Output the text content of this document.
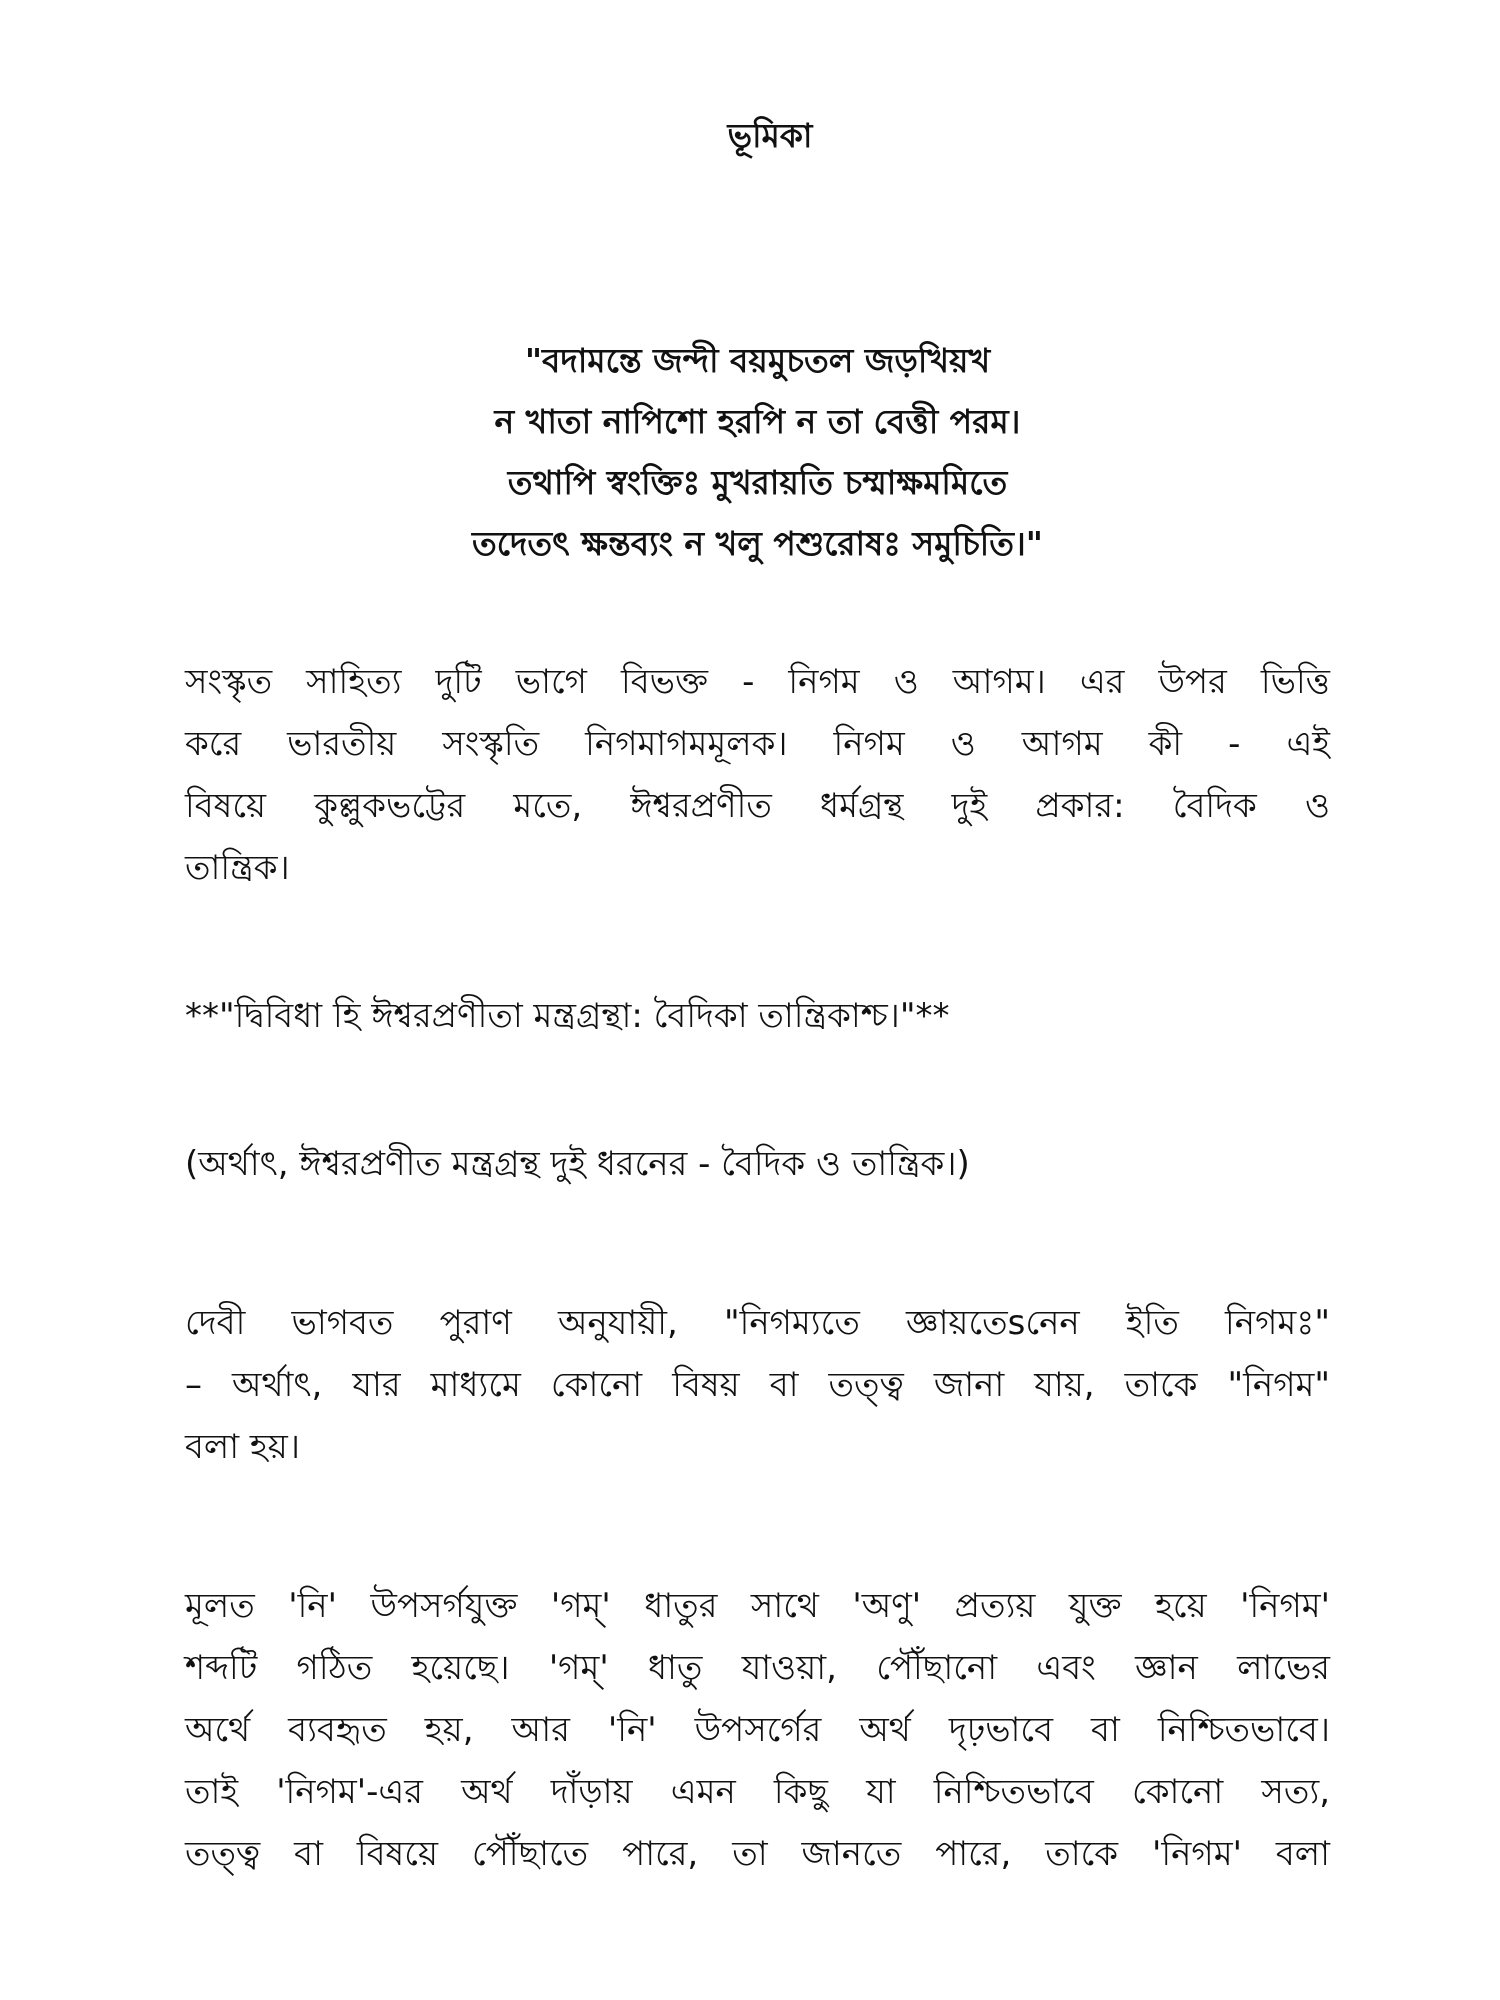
ভূমিকা
"বদামন্তে জন্দী বয়মুচতল জড়খিয়খ
ন খাতা নাপিশো হরপি ন তা বেত্তী পরম।
তথাপি স্বংক্তিঃ মুখরায়তি চম্মাক্ষমমিতে
তদেতৎ ক্ষন্তব্যং ন খলু পশুরোষঃ সমুচিতি।"
সংস্কৃত সাহিত্য দুটি ভাগে বিভক্ত - নিগম ও আগম। এর উপর ভিত্তি
করে ভারতীয় সংস্কৃতি নিগমাগমমূলক। নিগম ও আগম কী - এই
বিষয়ে কুল্লুকভট্টের মতে, ঈশ্বরপ্রণীত ধর্মগ্রন্থ দুই প্রকার: বৈদিক ও
তান্ত্রিক।
**"দ্বিবিধা হি ঈশ্বরপ্রণীতা মন্ত্রগ্রন্থা: বৈদিকা তান্ত্রিকাশ্চ।"**
(অর্থাৎ, ঈশ্বরপ্রণীত মন্ত্রগ্রন্থ দুই ধরনের - বৈদিক ও তান্ত্রিক।)
দেবী ভাগবত পুরাণ অনুযায়ী, "নিগম্যতে জ্ঞায়তেsনেন ইতি নিগমঃ"
– অর্থাৎ, যার মাধ্যমে কোনো বিষয় বা তত্ত্ব জানা যায়, তাকে "নিগম"
বলা হয়।
মূলত 'নি' উপসর্গযুক্ত 'গম্' ধাতুর সাথে 'অণু' প্রত্যয় যুক্ত হয়ে 'নিগম'
শব্দটি গঠিত হয়েছে। 'গম্' ধাতু যাওয়া, পৌঁছানো এবং জ্ঞান লাভের
অর্থে ব্যবহৃত হয়, আর 'নি' উপসর্গের অর্থ দৃঢ়ভাবে বা নিশ্চিতভাবে।
তাই 'নিগম'-এর অর্থ দাঁড়ায় এমন কিছু যা নিশ্চিতভাবে কোনো সত্য,
তত্ত্ব বা বিষয়ে পৌঁছাতে পারে, তা জানতে পারে, তাকে 'নিগম' বলা
